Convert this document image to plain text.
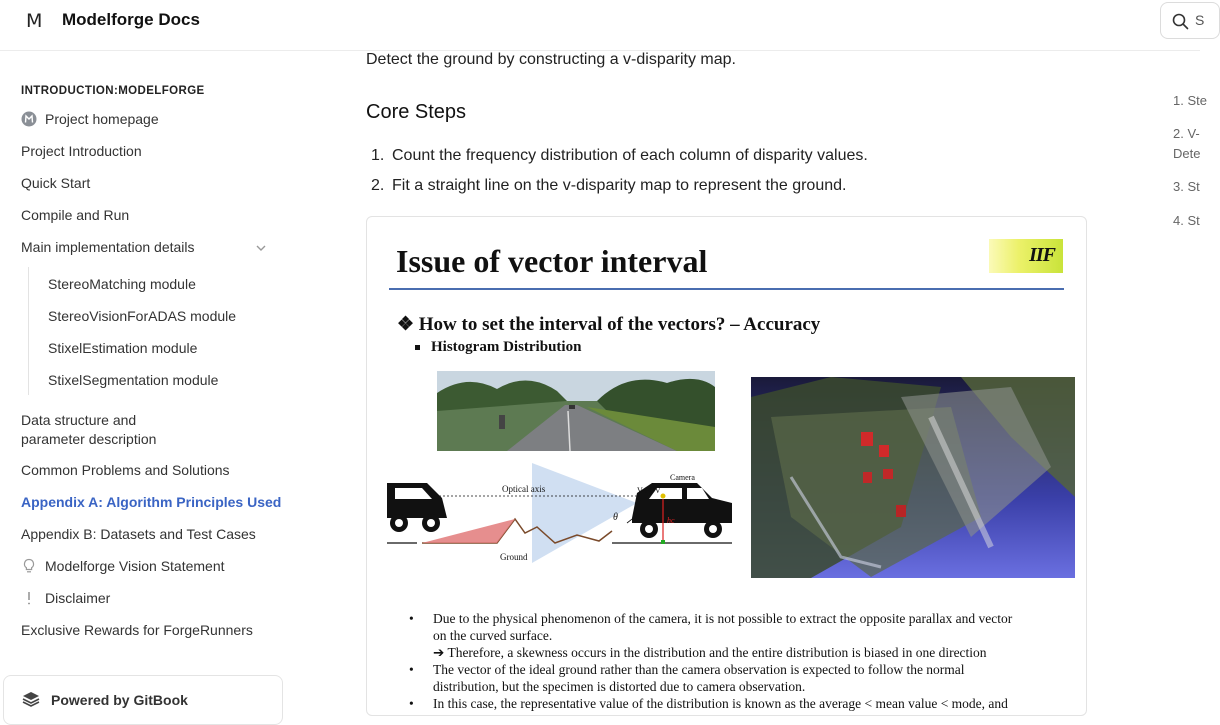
M Modelforge Docs	S
INTRODUCTION:MODELFORGE
Project homepage
Project Introduction
Quick Start
Compile and Run
Main implementation details
StereoMatching module
StereoVisionForADAS module
StixelEstimation module
StixelSegmentation module
Data structure and
parameter description
Common Problems and Solutions
Appendix A: Algorithm Principles Used
Appendix B: Datasets and Test Cases
Modelforge Vision Statement
Disclaimer
Exclusive Rewards for ForgeRunners
Powered by GitBook
Detect the ground by constructing a v-disparity map.
Core Steps
1. Count the frequency distribution of each column of disparity values.
2. Fit a straight line on the v-disparity map to represent the ground.
Issue of vector interval	IIF
❖ How to set the interval of the vectors? – Accuracy
Histogram Distribution
Optical axis	V-FOV
Camera
Ground
θ	hc
• Due to the physical phenomenon of the camera, it is not possible to extract the opposite parallax and vector
on the curved surface.
➔ Therefore, a skewness occurs in the distribution and the entire distribution is biased in one direction
• The vector of the ideal ground rather than the camera observation is expected to follow the normal
distribution, but the specimen is distorted due to camera observation.
• In this case, the representative value of the distribution is known as the average < mean value < mode, and
1. Ste
2. V-
Dete
3. St
4. St
